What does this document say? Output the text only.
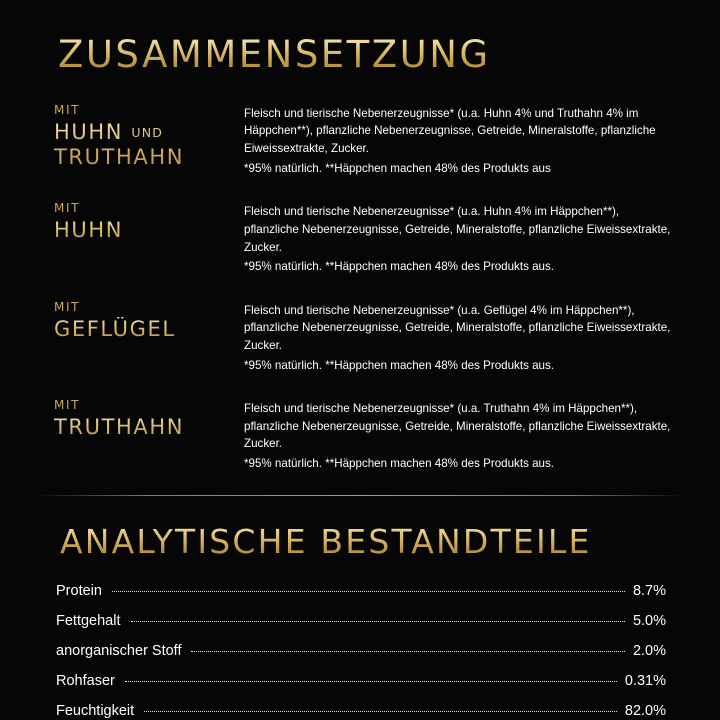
ZUSAMMENSETZUNG
MIT
HUHN UND
TRUTHAHN
Fleisch und tierische Nebenerzeugnisse* (u.a. Huhn 4% und Truthahn 4% im Häppchen**), pflanzliche Nebenerzeugnisse, Getreide, Mineralstoffe, pflanzliche Eiweissextrakte, Zucker.
*95% natürlich. **Häppchen machen 48% des Produkts aus
MIT
HUHN
Fleisch und tierische Nebenerzeugnisse* (u.a. Huhn 4% im Häppchen**), pflanzliche Nebenerzeugnisse, Getreide, Mineralstoffe, pflanzliche Eiweissextrakte, Zucker.
*95% natürlich. **Häppchen machen 48% des Produkts aus.
MIT
GEFLÜGEL
Fleisch und tierische Nebenerzeugnisse* (u.a. Geflügel 4% im Häppchen**), pflanzliche Nebenerzeugnisse, Getreide, Mineralstoffe, pflanzliche Eiweissextrakte, Zucker.
*95% natürlich. **Häppchen machen 48% des Produkts aus.
MIT
TRUTHAHN
Fleisch und tierische Nebenerzeugnisse* (u.a. Truthahn 4% im Häppchen**), pflanzliche Nebenerzeugnisse, Getreide, Mineralstoffe, pflanzliche Eiweissextrakte, Zucker.
*95% natürlich. **Häppchen machen 48% des Produkts aus.
ANALYTISCHE BESTANDTEILE
Protein	8.7%
Fettgehalt	5.0%
anorganischer Stoff	2.0%
Rohfaser	0.31%
Feuchtigkeit	82.0%
